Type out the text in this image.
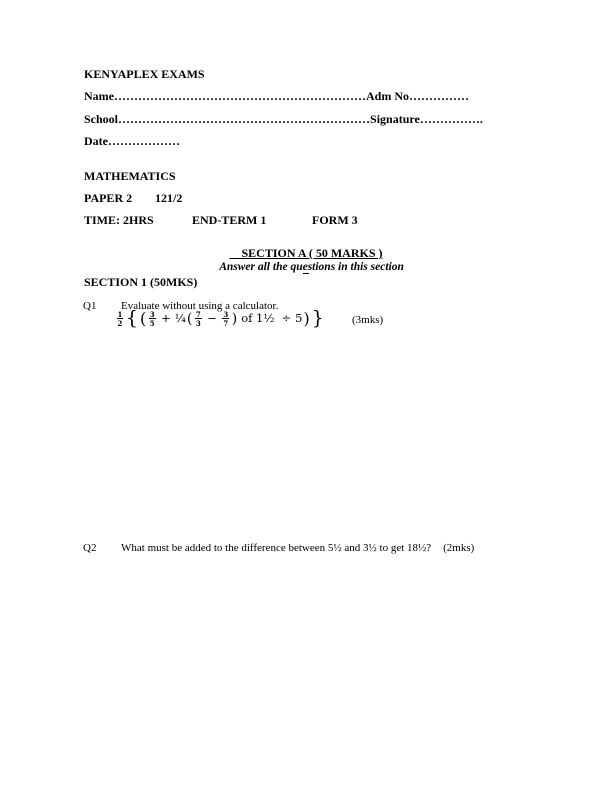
KENYAPLEX EXAMS

Name………………………………………………………Adm No……………

School………………………………………………………Signature…………….

Date………………

MATHEMATICS

PAPER 2 121/2

TIME: 2HRS	END-TERM 1	FORM 3

SECTION A ( 50 MARKS )

Answer all the questions in this section

SECTION 1 (50MKS)

Q1 Evaluate without using a calculator.

$\frac{1}{2}$ { ( $\frac{3}{5}$ + ¼ ( $\frac{7}{3} - \frac{3}{7}$ ) of 1½ ÷ 5 ) }	(3mks)

Q2 What must be added to the difference between 5½ and 3½ to get 18½? (2mks)
